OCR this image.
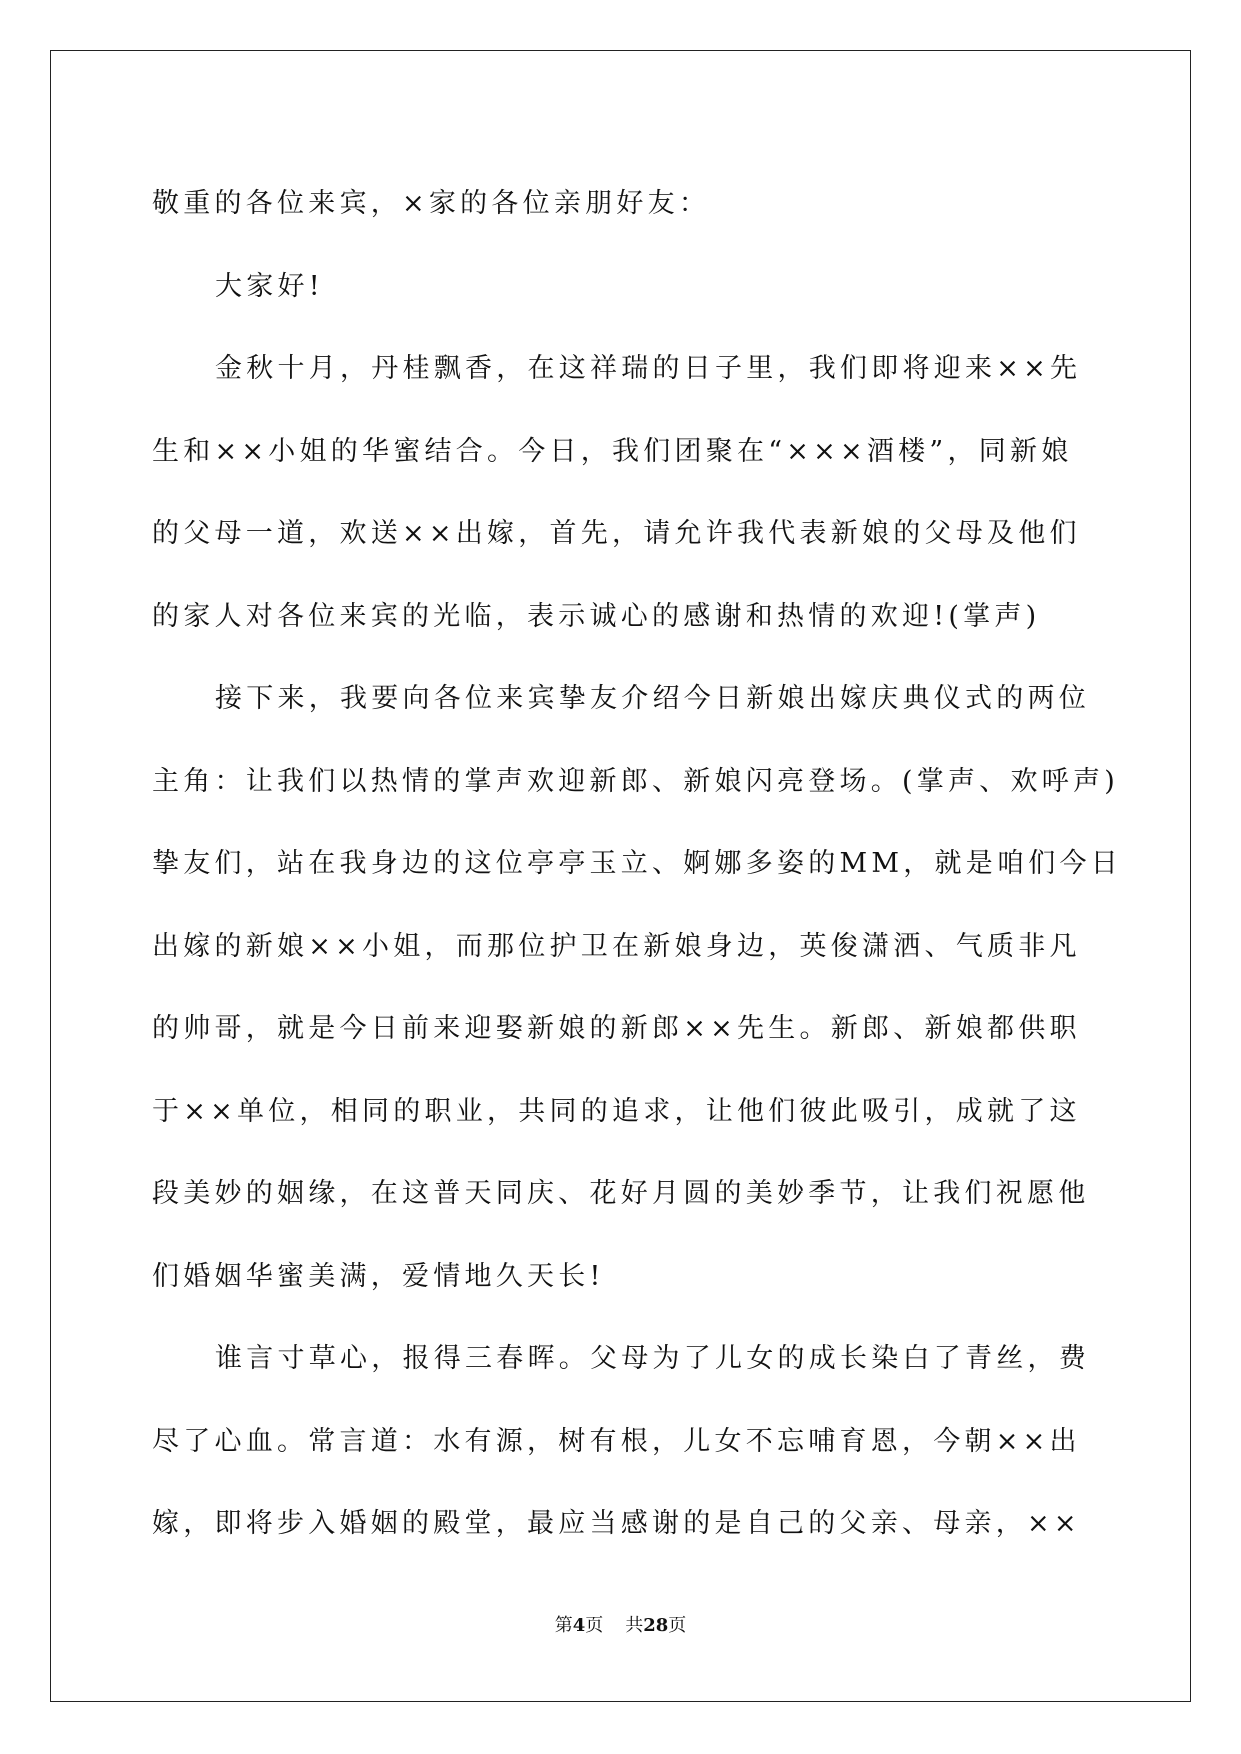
敬重的各位来宾，×家的各位亲朋好友：
大家好!
金秋十月，丹桂飘香，在这祥瑞的日子里，我们即将迎来××先
生和××小姐的华蜜结合。今日，我们团聚在“×××酒楼”，同新娘
的父母一道，欢送××出嫁，首先，请允许我代表新娘的父母及他们
的家人对各位来宾的光临，表示诚心的感谢和热情的欢迎!(掌声)
接下来，我要向各位来宾挚友介绍今日新娘出嫁庆典仪式的两位
主角：让我们以热情的掌声欢迎新郎、新娘闪亮登场。(掌声、欢呼声)
挚友们，站在我身边的这位亭亭玉立、婀娜多姿的MM，就是咱们今日
出嫁的新娘××小姐，而那位护卫在新娘身边，英俊潇洒、气质非凡
的帅哥，就是今日前来迎娶新娘的新郎××先生。新郎、新娘都供职
于××单位，相同的职业，共同的追求，让他们彼此吸引，成就了这
段美妙的姻缘，在这普天同庆、花好月圆的美妙季节，让我们祝愿他
们婚姻华蜜美满，爱情地久天长!
谁言寸草心，报得三春晖。父母为了儿女的成长染白了青丝，费
尽了心血。常言道：水有源，树有根，儿女不忘哺育恩，今朝××出
嫁，即将步入婚姻的殿堂，最应当感谢的是自己的父亲、母亲，××
第4页 共28页
